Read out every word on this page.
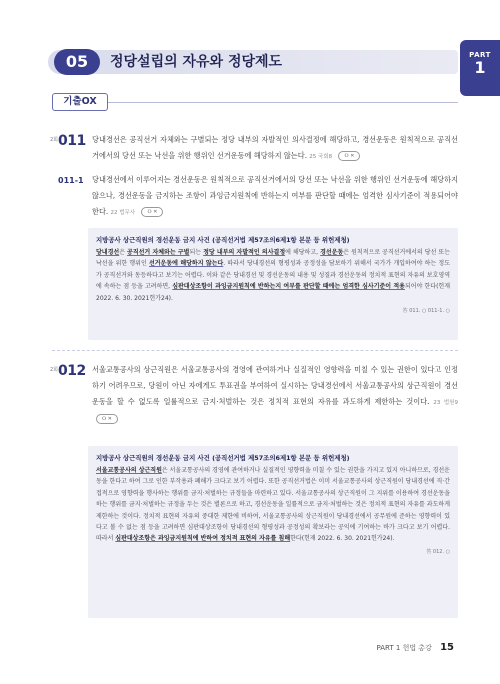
05	정당설립의 자유와 정당제도	PART
1
기출OX
2회 011 당내경선은 공직선거 자체와는 구별되는 정당 내부의 자발적인 의사결정에 해당하고, 경선운동은 원칙적으로 공직선거에서의 당선 또는 낙선을 위한 행위인 선거운동에 해당하지 않는다. 25 국회8 O ✕
011-1 당내경선에서 이루어지는 경선운동은 원칙적으로 공직선거에서의 당선 또는 낙선을 위한 행위인 선거운동에 해당하지 않으나, 경선운동을 금지하는 조항이 과잉금지원칙에 반하는지 여부를 판단할 때에는 엄격한 심사기준이 적용되어야 한다. 22 법무사 O ✕
지방공사 상근직원의 경선운동 금지 사건 (공직선거법 제57조의6제1항 본문 등 위헌제청)
당내경선은 공직선거 자체와는 구별되는 정당 내부의 자발적인 의사결정에 해당하고, 경선운동은 원칙적으로 공직선거에서의 당선 또는 낙선을 위한 행위인 선거운동에 해당하지 않는다. 따라서 당내경선의 형평성과 공정성을 담보하기 위해서 국가가 개입하여야 하는 정도가 공직선거와 동등하다고 보기는 어렵다. 이와 같은 당내경선 및 경선운동의 내용 및 성질과 경선운동의 정치적 표현의 자유의 보호영역에 속하는 점 등을 고려하면, 심판대상조항이 과잉금지원칙에 반하는지 여부를 판단할 때에는 엄격한 심사기준이 적용되어야 한다(헌재 2022. 6. 30. 2021헌가24).
答 011. ○ 011-1. ○
2회 012 서울교통공사의 상근직원은 서울교통공사의 경영에 관여하거나 실질적인 영향력을 미칠 수 있는 권한이 있다고 인정하기 어려우므로, 당원이 아닌 자에게도 투표권을 부여하여 실시하는 당내경선에서 서울교통공사의 상근직원이 경선운동을 할 수 없도록 일률적으로 금지·처벌하는 것은 정치적 표현의 자유를 과도하게 제한하는 것이다. 23 법원9 O ✕
지방공사 상근직원의 경선운동 금지 사건 (공직선거법 제57조의6제1항 본문 등 위헌제청)
서울교통공사의 상근직원은 서울교통공사의 경영에 관여하거나 실질적인 영향력을 미칠 수 있는 권한을 가지고 있지 아니하므로, 경선운동을 한다고 하여 그로 인한 부작용과 폐해가 크다고 보기 어렵다. 또한 공직선거법은 이미 서울교통공사의 상근직원이 당내경선에 직·간접적으로 영향력을 행사하는 행위를 금지·처벌하는 규정들을 마련하고 있다. 서울교통공사의 상근직원이 그 지위를 이용하여 경선운동을 하는 행위를 금지·처벌하는 규정을 두는 것은 별론으로 하고, 경선운동을 일률적으로 금지·처벌하는 것은 정치적 표현의 자유를 과도하게 제한하는 것이다. 정치적 표현의 자유의 중대한 제한에 비하여, 서울교통공사의 상근직원이 당내경선에서 공무원에 준하는 영향력이 있다고 볼 수 없는 점 등을 고려하면 심판대상조항이 당내경선의 형평성과 공정성의 확보라는 공익에 기여하는 바가 크다고 보기 어렵다. 따라서 심판대상조항은 과잉금지원칙에 반하여 정치적 표현의 자유를 침해한다(헌재 2022. 6. 30. 2021헌가24).
答 012. ○
PART 1 헌법 총강 15
